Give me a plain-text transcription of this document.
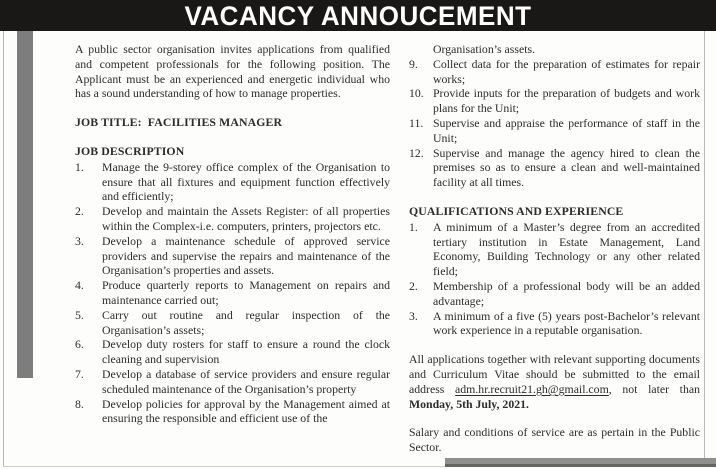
VACANCY ANNOUCEMENT

A public sector organisation invites applications from qualified and competent professionals for the following position. The Applicant must be an experienced and energetic individual who has a sound understanding of how to manage properties.

JOB TITLE:  FACILITIES MANAGER

JOB DESCRIPTION

1.	Manage the 9-storey office complex of the Organisation to ensure that all fixtures and equipment function effectively and efficiently;
2.	Develop and maintain the Assets Register: of all properties within the Complex-i.e. computers, printers, projectors etc.
3.	Develop a maintenance schedule of approved service providers and supervise the repairs and maintenance of the Organisation’s properties and assets.
4.	Produce quarterly reports to Management on repairs and maintenance carried out;
5.	Carry out routine and regular inspection of the Organisation’s assets;
6.	Develop duty rosters for staff to ensure a round the clock cleaning and supervision
7.	Develop a database of service providers and ensure regular scheduled maintenance of the Organisation’s property
8.	Develop policies for approval by the Management aimed at ensuring the responsible and efficient use of the

Organisation’s assets.

9.	Collect data for the preparation of estimates for repair works;
10. Provide inputs for the preparation of budgets and work plans for the Unit;
11. Supervise and appraise the performance of staff in the Unit;
12. Supervise and manage the agency hired to clean the premises so as to ensure a clean and well-maintained facility at all times.

QUALIFICATIONS AND EXPERIENCE

1.	A minimum of a Master’s degree from an accredited tertiary institution in Estate Management, Land Economy, Building Technology or any other related field;
2.	Membership of a professional body will be an added advantage;
3.	A minimum of a five (5) years post-Bachelor’s relevant work experience in a reputable organisation.

All applications together with relevant supporting documents and Curriculum Vitae should be submitted to the email address adm.hr.recruit21.gh@gmail.com, not later than Monday, 5th July, 2021.

Salary and conditions of service are as pertain in the Public Sector.
